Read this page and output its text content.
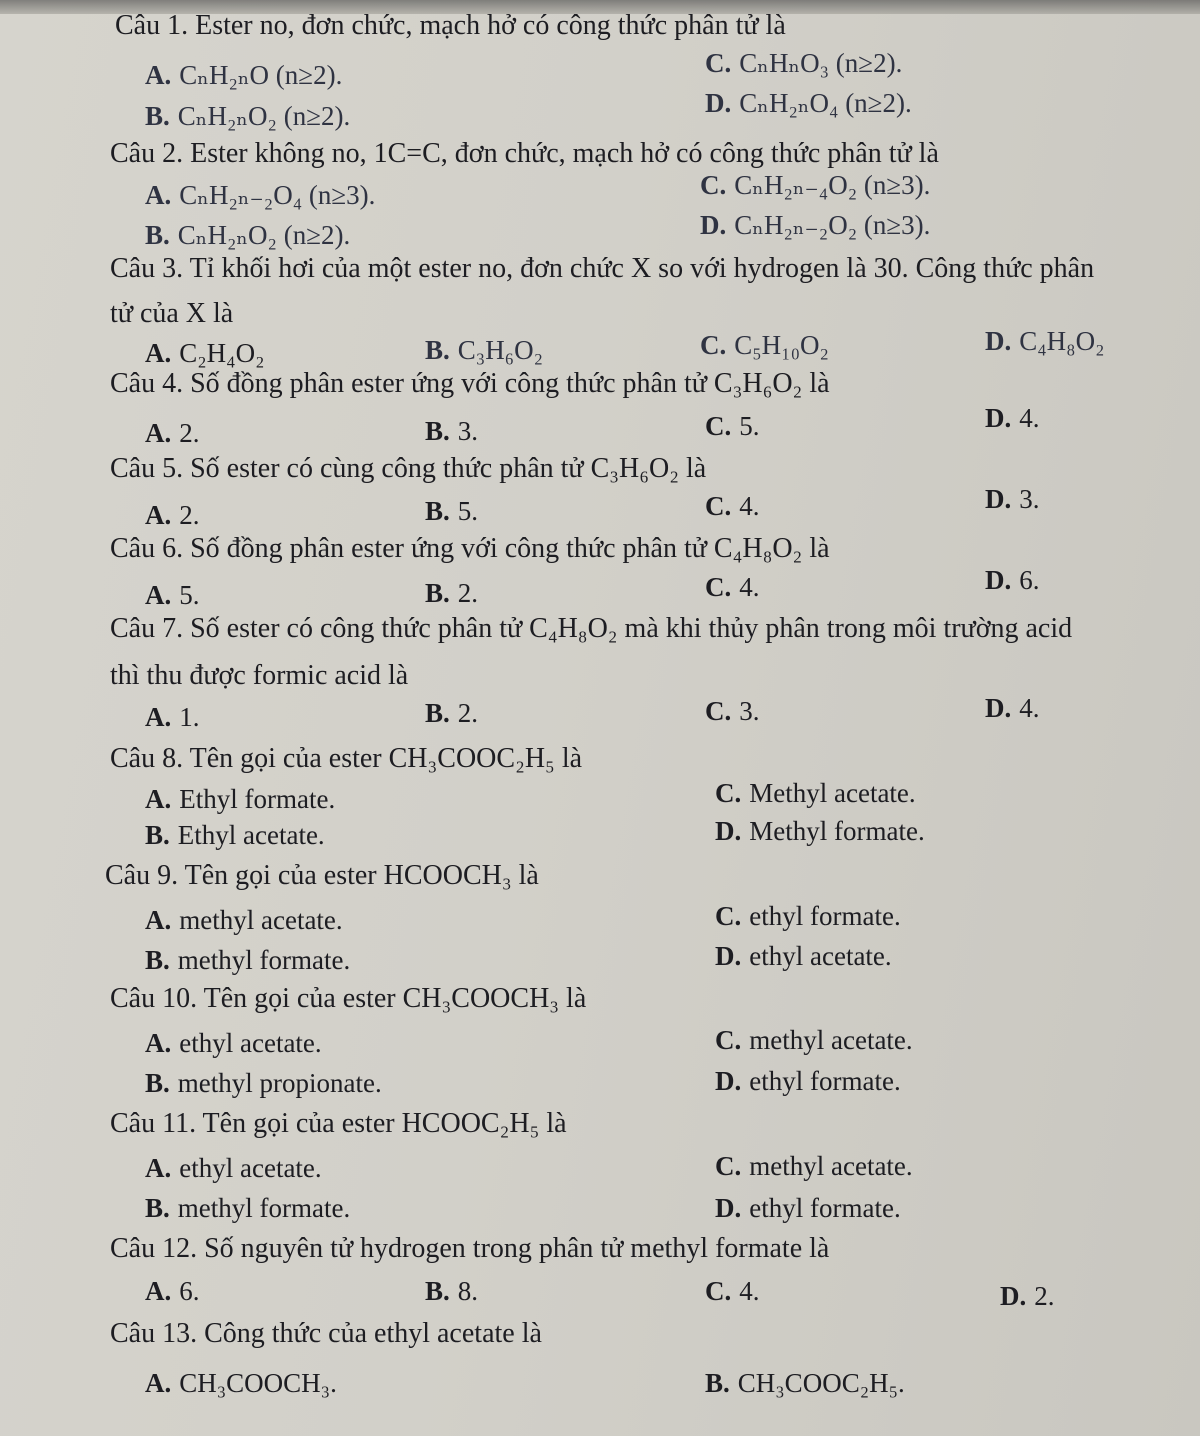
Câu 1. Ester no, đơn chức, mạch hở có công thức phân tử là
A. CₙH₂ₙO (n≥2).	C. CₙHₙO₃ (n≥2).
B. CₙH₂ₙO₂ (n≥2).	D. CₙH₂ₙO₄ (n≥2).
Câu 2. Ester không no, 1C=C, đơn chức, mạch hở có công thức phân tử là
A. CₙH₂ₙ₋₂O₄ (n≥3).	C. CₙH₂ₙ₋₄O₂ (n≥3).
B. CₙH₂ₙO₂ (n≥2).	D. CₙH₂ₙ₋₂O₂ (n≥3).
Câu 3. Tỉ khối hơi của một ester no, đơn chức X so với hydrogen là 30. Công thức phân
tử của X là
A. C₂H₄O₂	B. C₃H₆O₂	C. C₅H₁₀O₂	D. C₄H₈O₂
Câu 4. Số đồng phân ester ứng với công thức phân tử C₃H₆O₂ là
A. 2.	B. 3.	C. 5.	D. 4.
Câu 5. Số ester có cùng công thức phân tử C₃H₆O₂ là
A. 2.	B. 5.	C. 4.	D. 3.
Câu 6. Số đồng phân ester ứng với công thức phân tử C₄H₈O₂ là
A. 5.	B. 2.	C. 4.	D. 6.
Câu 7. Số ester có công thức phân tử C₄H₈O₂ mà khi thủy phân trong môi trường acid
thì thu được formic acid là
A. 1.	B. 2.	C. 3.	D. 4.
Câu 8. Tên gọi của ester CH₃COOC₂H₅ là
A. Ethyl formate.	C. Methyl acetate.
B. Ethyl acetate.	D. Methyl formate.
Câu 9. Tên gọi của ester HCOOCH₃ là
A. methyl acetate.	C. ethyl formate.
B. methyl formate.	D. ethyl acetate.
Câu 10. Tên gọi của ester CH₃COOCH₃ là
A. ethyl acetate.	C. methyl acetate.
B. methyl propionate.	D. ethyl formate.
Câu 11. Tên gọi của ester HCOOC₂H₅ là
A. ethyl acetate.	C. methyl acetate.
B. methyl formate.	D. ethyl formate.
Câu 12. Số nguyên tử hydrogen trong phân tử methyl formate là
A. 6.	B. 8.	C. 4.	D. 2.
Câu 13. Công thức của ethyl acetate là
A. CH₃COOCH₃.	B. CH₃COOC₂H₅.
